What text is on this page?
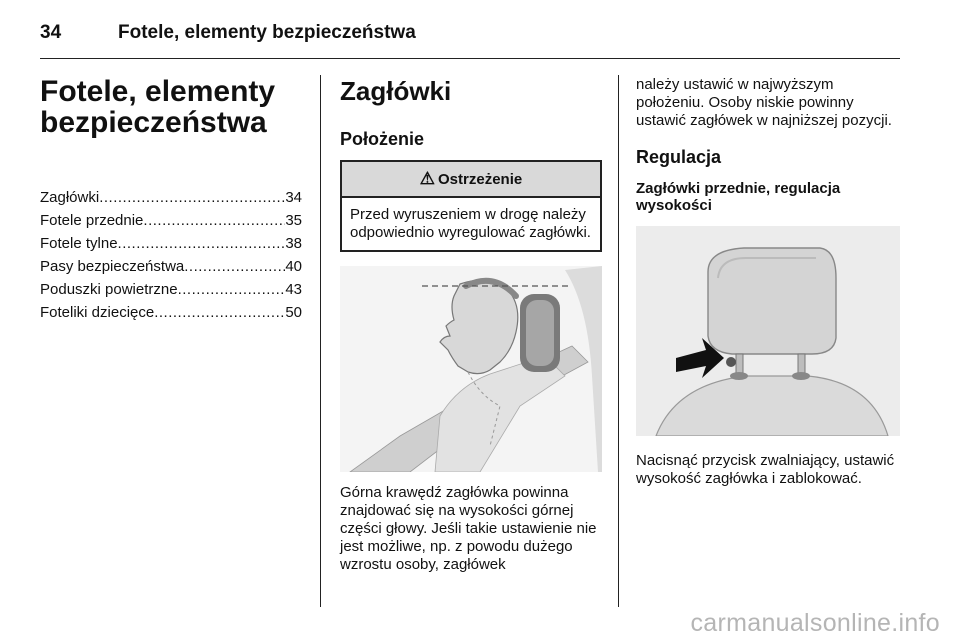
34	Fotele, elementy bezpieczeństwa
Fotele, elementy
bezpieczeństwa
Zagłówki .....	34
Fotele przednie .....	35
Fotele tylne .....	38
Pasy bezpieczeństwa .....	40
Poduszki powietrzne .....	43
Foteliki dziecięce .....	50
Zagłówki
Położenie
⚠ Ostrzeżenie
Przed wyruszeniem w drogę należy odpowiednio wyregulować zagłówki.
Górna krawędź zagłówka powinna znajdować się na wysokości górnej części głowy. Jeśli takie ustawienie nie jest możliwe, np. z powodu dużego wzrostu osoby, zagłówek
należy ustawić w najwyższym położeniu. Osoby niskie powinny ustawić zagłówek w najniższej pozycji.
Regulacja
Zagłówki przednie, regulacja wysokości
Nacisnąć przycisk zwalniający, ustawić wysokość zagłówka i zablokować.
carmanualsonline.info
